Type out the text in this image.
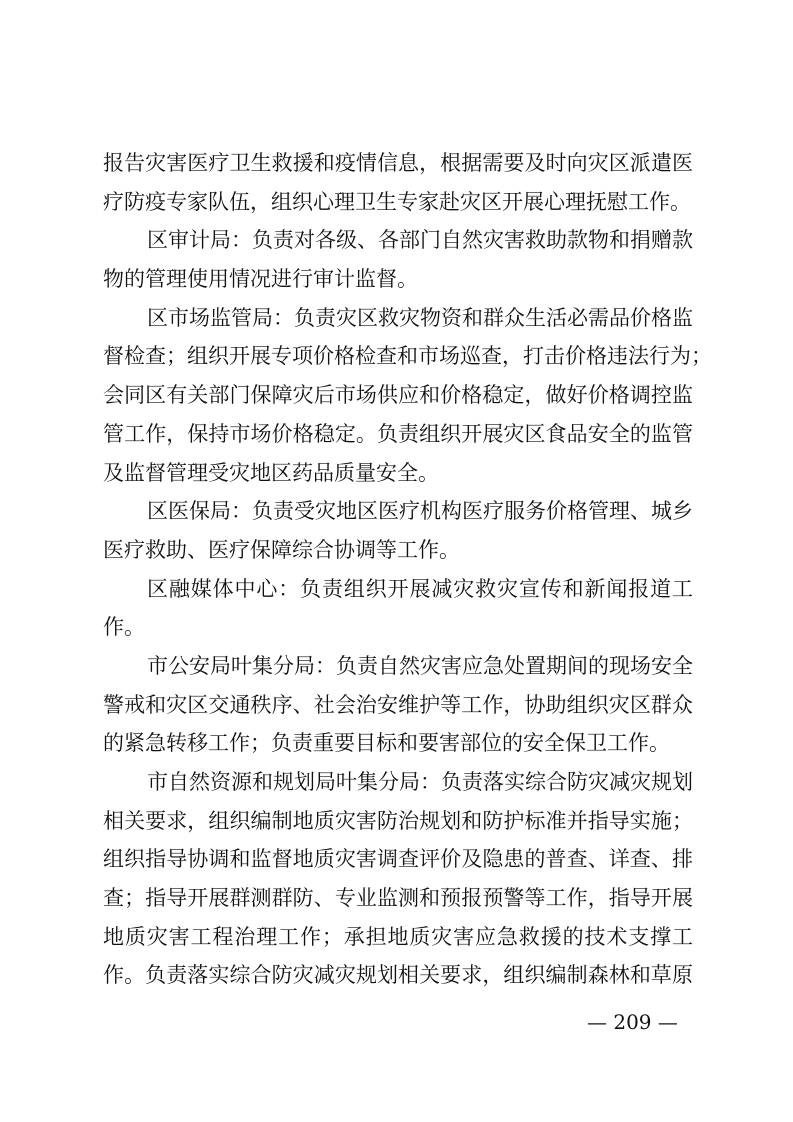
报告灾害医疗卫生救援和疫情信息，根据需要及时向灾区派遣医
疗防疫专家队伍，组织心理卫生专家赴灾区开展心理抚慰工作。
区审计局：负责对各级、各部门自然灾害救助款物和捐赠款
物的管理使用情况进行审计监督。
区市场监管局：负责灾区救灾物资和群众生活必需品价格监
督检查；组织开展专项价格检查和市场巡查，打击价格违法行为；
会同区有关部门保障灾后市场供应和价格稳定，做好价格调控监
管工作，保持市场价格稳定。负责组织开展灾区食品安全的监管
及监督管理受灾地区药品质量安全。
区医保局：负责受灾地区医疗机构医疗服务价格管理、城乡
医疗救助、医疗保障综合协调等工作。
区融媒体中心：负责组织开展减灾救灾宣传和新闻报道工
作。
市公安局叶集分局：负责自然灾害应急处置期间的现场安全
警戒和灾区交通秩序、社会治安维护等工作，协助组织灾区群众
的紧急转移工作；负责重要目标和要害部位的安全保卫工作。
市自然资源和规划局叶集分局：负责落实综合防灾减灾规划
相关要求，组织编制地质灾害防治规划和防护标准并指导实施；
组织指导协调和监督地质灾害调查评价及隐患的普查、详查、排
查；指导开展群测群防、专业监测和预报预警等工作，指导开展
地质灾害工程治理工作；承担地质灾害应急救援的技术支撑工
作。负责落实综合防灾减灾规划相关要求，组织编制森林和草原
— 209 —
